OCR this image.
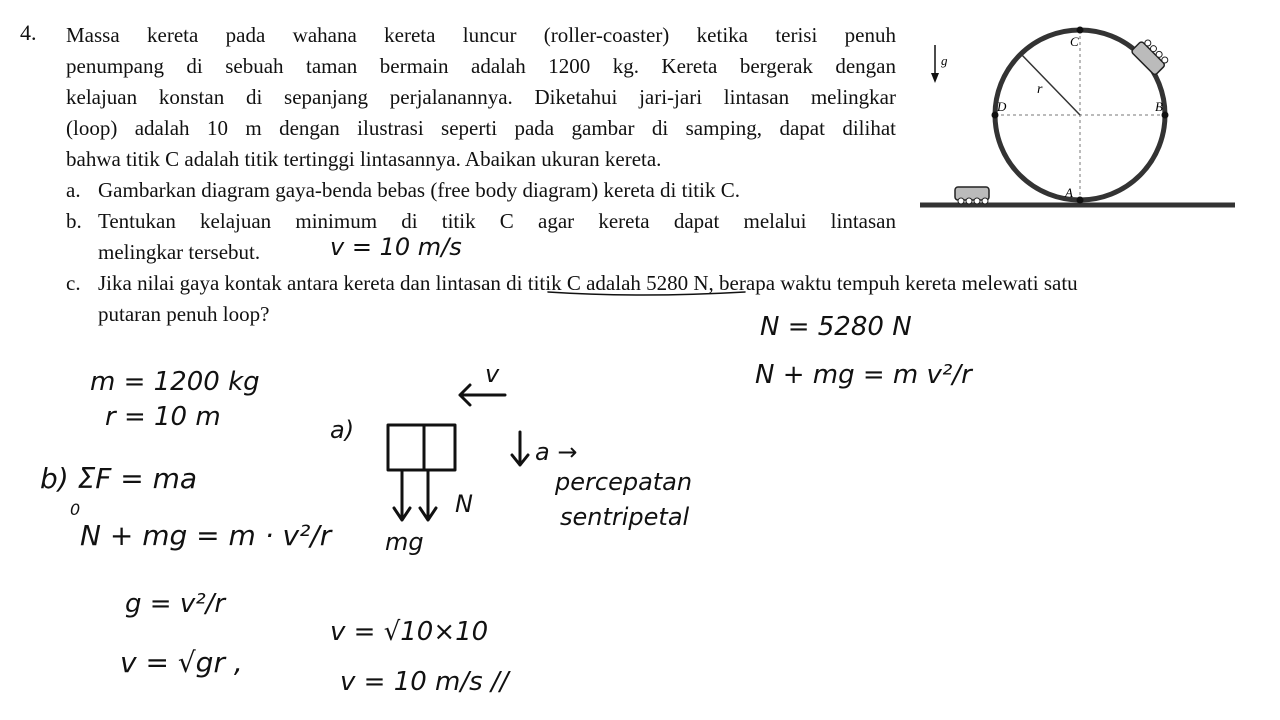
4. Massa kereta pada wahana kereta luncur (roller-coaster) ketika terisi penuh
penumpang di sebuah taman bermain adalah 1200 kg. Kereta bergerak dengan
kelajuan konstan di sepanjang perjalanannya. Diketahui jari-jari lintasan melingkar
(loop) adalah 10 m dengan ilustrasi seperti pada gambar di samping, dapat dilihat
bahwa titik C adalah titik tertinggi lintasannya. Abaikan ukuran kereta.
a. Gambarkan diagram gaya-benda bebas (free body diagram) kereta di titik C.
b. Tentukan kelajuan minimum di titik C agar kereta dapat melalui lintasan
melingkar tersebut.
c. Jika nilai gaya kontak antara kereta dan lintasan di titik C adalah 5280 N, berapa waktu tempuh kereta melewati satu
putaran penuh loop?
C
B
D
A
r
g⃗
v = 10 m/s
N = 5280 N
N + mg = m v²/r
m = 1200 kg
r = 10 m	a)
mg
N
v
a →
percepatan
sentripetal
b) ΣF = ma
0
N + mg = m · v²/r
g = v²/r
v = √gr ,
v = √10×10
v = 10 m/s //
